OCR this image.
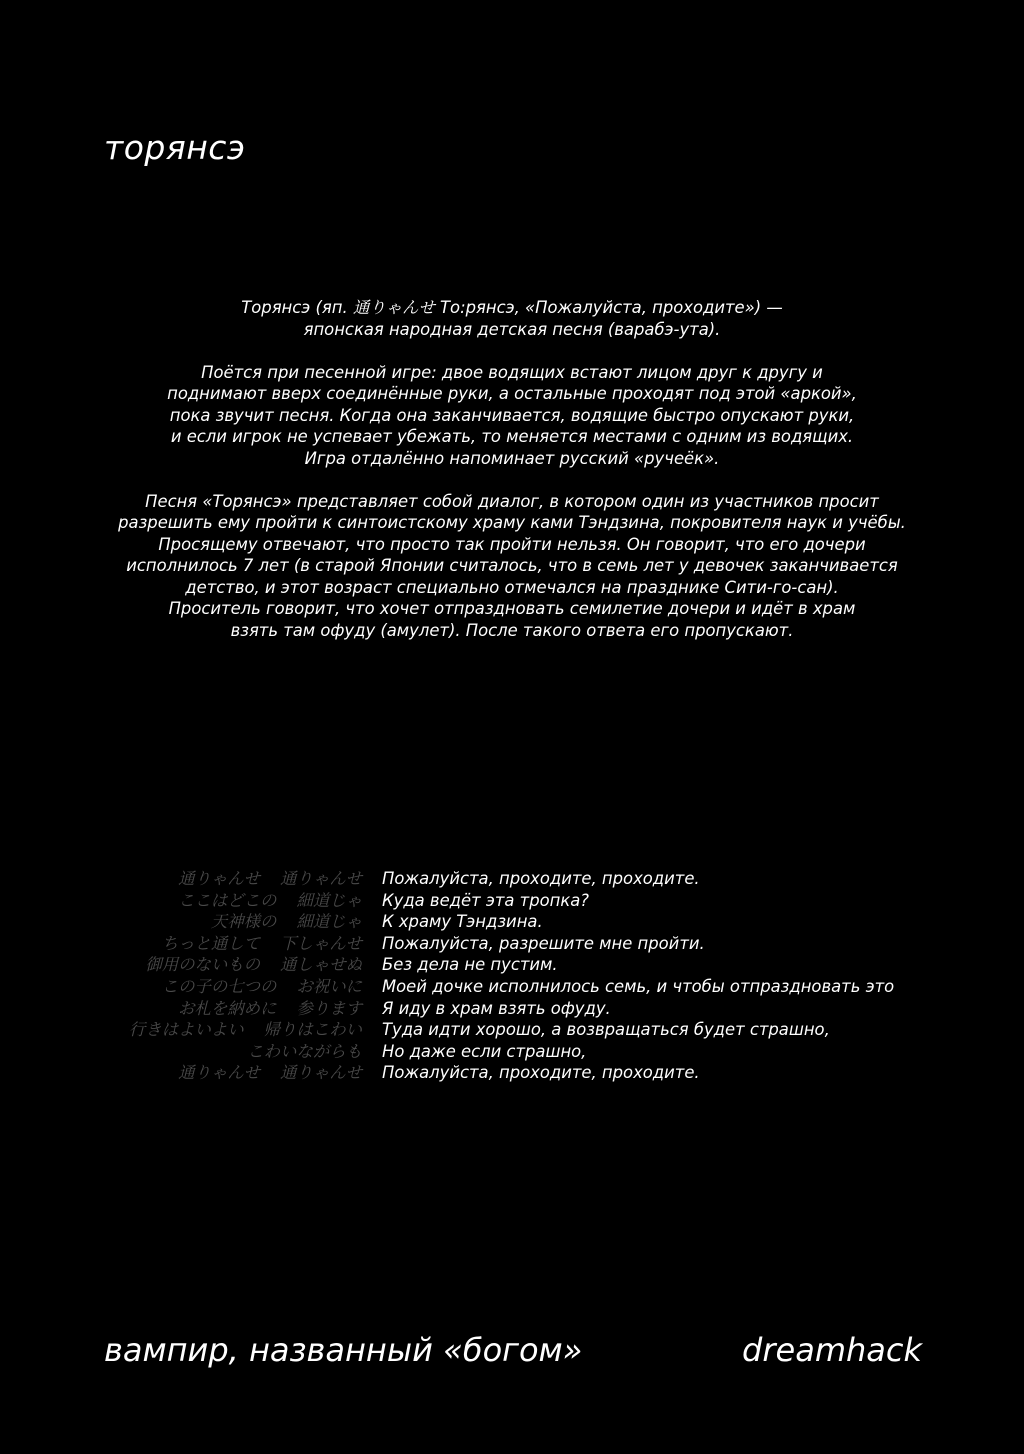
торянсэ

Торянсэ (яп. 通りゃんせ То:рянсэ, «Пожалуйста, проходите») —
японская народная детская песня (варабэ-ута).

Поётся при песенной игре: двое водящих встают лицом друг к другу и
поднимают вверх соединённые руки, а остальные проходят под этой «аркой»,
пока звучит песня. Когда она заканчивается, водящие быстро опускают руки,
и если игрок не успевает убежать, то меняется местами с одним из водящих.
Игра отдалённо напоминает русский «ручеёк».

Песня «Торянсэ» представляет собой диалог, в котором один из участников просит
разрешить ему пройти к синтоистскому храму ками Тэндзина, покровителя наук и учёбы.
Просящему отвечают, что просто так пройти нельзя. Он говорит, что его дочери
исполнилось 7 лет (в старой Японии считалось, что в семь лет у девочек заканчивается
детство, и этот возраст специально отмечался на празднике Сити-го-сан).
Проситель говорит, что хочет отпраздновать семилетие дочери и идёт в храм
взять там офуду (амулет). После такого ответа его пропускают.

通りゃんせ 通りゃんせ Пожалуйста, проходите, проходите.
ここはどこの 細道じゃ Куда ведёт эта тропка?
天神様の 細道じゃ К храму Тэндзина.
ちっと通して 下しゃんせ Пожалуйста, разрешите мне пройти.
御用のないもの 通しゃせぬ Без дела не пустим.
この子の七つの お祝いに Моей дочке исполнилось семь, и чтобы отпраздновать это
お札を納めに 参ります Я иду в храм взять офуду.
行きはよいよい 帰りはこわい Туда идти хорошо, а возвращаться будет страшно,
こわいながらも Но даже если страшно,
通りゃんせ 通りゃんせ Пожалуйста, проходите, проходите.
вампир, названный «богом»	dreamhack
